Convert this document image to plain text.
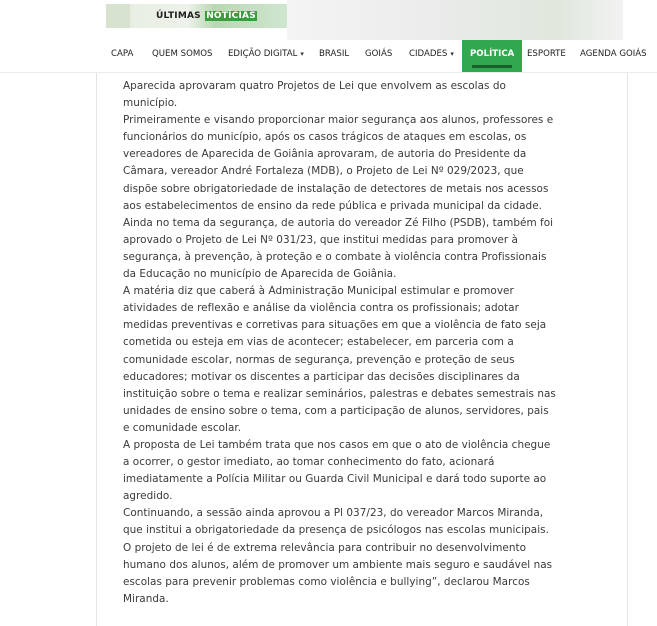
ÚLTIMAS NOTÍCIAS
CAPA QUEM SOMOS EDIÇÃO DIGITAL ▾ BRASIL GOIÁS CIDADES ▾	POLÍTICA	ESPORTE AGENDA GOIÁS
Aparecida aprovaram quatro Projetos de Lei que envolvem as escolas do
município.
Primeiramente e visando proporcionar maior segurança aos alunos, professores e
funcionários do município, após os casos trágicos de ataques em escolas, os
vereadores de Aparecida de Goiânia aprovaram, de autoria do Presidente da
Câmara, vereador André Fortaleza (MDB), o Projeto de Lei Nº 029/2023, que
dispõe sobre obrigatoriedade de instalação de detectores de metais nos acessos
aos estabelecimentos de ensino da rede pública e privada municipal da cidade.
Ainda no tema da segurança, de autoria do vereador Zé Filho (PSDB), também foi
aprovado o Projeto de Lei Nº 031/23, que institui medidas para promover à
segurança, à prevenção, à proteção e o combate à violência contra Profissionais
da Educação no município de Aparecida de Goiânia.
A matéria diz que caberá à Administração Municipal estimular e promover
atividades de reflexão e análise da violência contra os profissionais; adotar
medidas preventivas e corretivas para situações em que a violência de fato seja
cometida ou esteja em vias de acontecer; estabelecer, em parceria com a
comunidade escolar, normas de segurança, prevenção e proteção de seus
educadores; motivar os discentes a participar das decisões disciplinares da
instituição sobre o tema e realizar seminários, palestras e debates semestrais nas
unidades de ensino sobre o tema, com a participação de alunos, servidores, pais
e comunidade escolar.
A proposta de Lei também trata que nos casos em que o ato de violência chegue
a ocorrer, o gestor imediato, ao tomar conhecimento do fato, acionará
imediatamente a Polícia Militar ou Guarda Civil Municipal e dará todo suporte ao
agredido.
Continuando, a sessão ainda aprovou a Pl 037/23, do vereador Marcos Miranda,
que institui a obrigatoriedade da presença de psicólogos nas escolas municipais.
O projeto de lei é de extrema relevância para contribuir no desenvolvimento
humano dos alunos, além de promover um ambiente mais seguro e saudável nas
escolas para prevenir problemas como violência e bullying”, declarou Marcos
Miranda.
